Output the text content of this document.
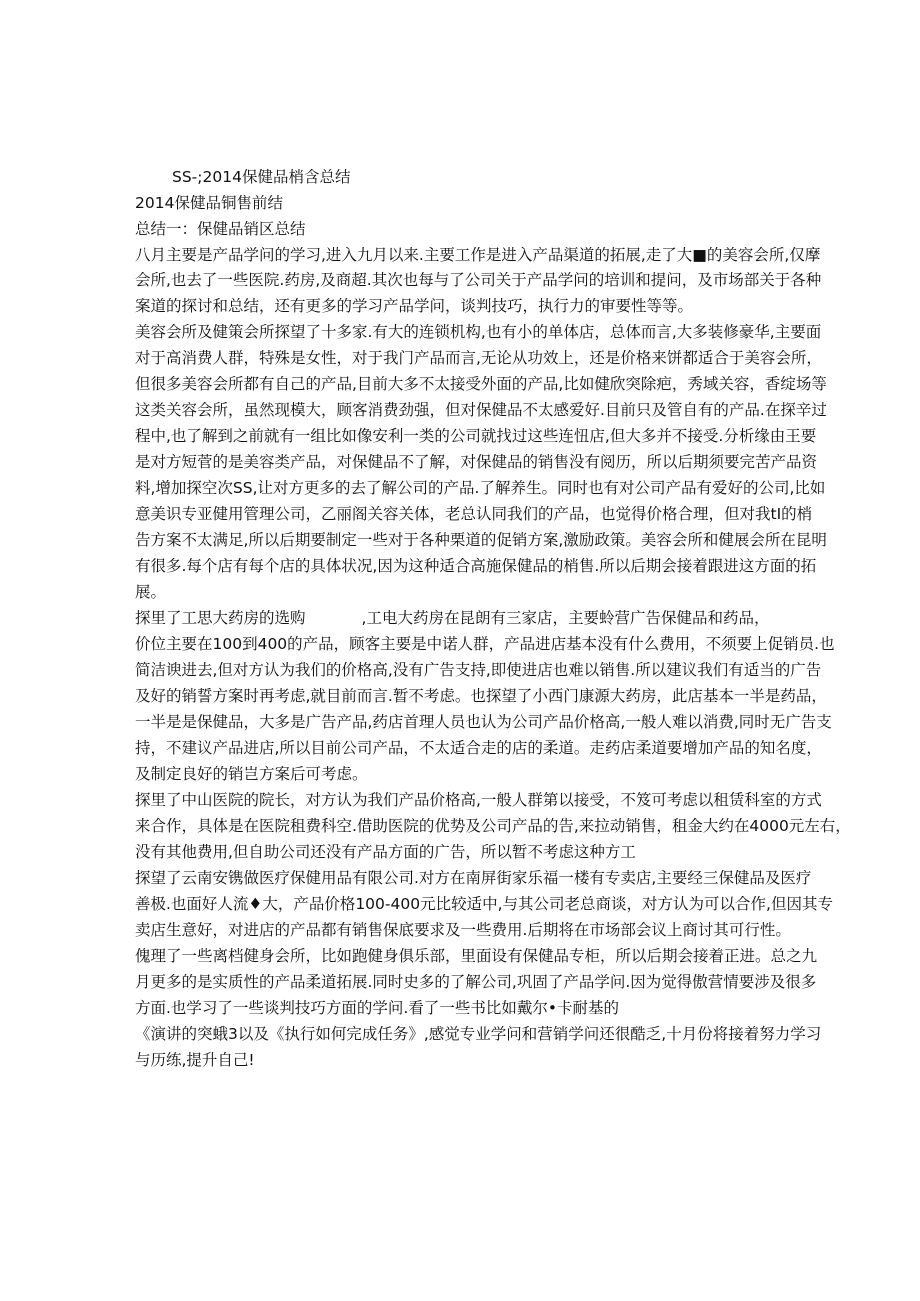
SS-;2014保健品梢含总结
2014保健品铜售前结
总结一：保健品销区总结
八月主要是产品学问的学习,进入九月以来.主要工作是进入产品渠道的拓展,走了大■的美容会所,仅摩
会所,也去了一些医院.药房,及商超.其次也每与了公司关于产品学问的培训和提问，及市场部关于各种
案道的探讨和总结，还有更多的学习产品学问，谈判技巧，执行力的审要性等等。
美容会所及健策会所探望了十多家.有大的连锁机构,也有小的单体店，总体而言,大多装修豪华,主要面
对于高消费人群，特殊是女性，对于我门产品而言,无论从功效上，还是价格来饼都适合于美容会所，
但很多美容会所都有自己的产品,目前大多不太接受外面的产品,比如健欣突除疤，秀域关容，香绽场等
这类关容会所，虽然现模大，顾客消费劲强，但对保健品不太感爱好.目前只及管自有的产品.在探辛过
程中,也了解到之前就有一组比如像安利一类的公司就找过这些连忸店,但大多并不接受.分析缘由王要
是对方短菅的是美容类产品，对保健品不了解，对保健品的销售没有阅历，所以后期须要完苦产品资
料,增加探空次SS,让对方更多的去了解公司的产品.了解养生。同时也有对公司产品有爱好的公司,比如
意美识专亚健用管理公司，乙丽阁关容关体，老总认同我们的产品，也觉得价格合理，但对我tI的梢
告方案不太满足,所以后期要制定一些对于各种栗道的促销方案,激励政策。美容会所和健展会所在昆明
有很多.每个店有每个店的具体状况,因为这种适合高施保健品的梢售.所以后期会接着跟进这方面的拓
展。
探里了工思大药房的选购	,工电大药房在昆朗有三家店，主要蛉营广告保健品和药品，
价位主要在100到400的产品，顾客主要是中诺人群，产品进店基本没有什么费用，不须要上促销员.也
简洁谀进去,但对方认为我们的价格高,没有广告支持,即使进店也难以销售.所以建议我们有适当的广告
及好的销誓方案时再考虑,就目前而言.暂不考虑。也探望了小西门康源大药房，此店基本一半是药品，
一半是是保健品，大多是广告产品,药店首理人员也认为公司产品价格高,一般人难以消费,同时无广告支
持，不建议产品进店,所以目前公司产品，不太适合走的店的柔道。走药店柔道要增加产品的知名度，
及制定良好的销岂方案后可考虑。
探里了中山医院的院长，对方认为我们产品价格高,一般人群第以接受，不笈可考虑以租赁科室的方式
来合作，具体是在医院租费科空.借助医院的优势及公司产品的告,来拉动销售，租金大约在4000元左右，
没有其他费用,但自助公司还没有产品方面的广告，所以暂不考虑这种方工
探望了云南安镌做医疗保健用品有限公司.对方在南屏街家乐福一楼有专卖店,主要经三保健品及医疗
善极.也面好人流♦大，产品价格100-400元比较适中,与其公司老总商谈，对方认为可以合作,但因其专
卖店生意好，对进店的产品都有销售保底要求及一些费用.后期将在市场部会议上商讨其可行性。
傀理了一些离档健身会所，比如跑健身俱乐部，里面设有保健品专柜，所以后期会接着正进。总之九
月更多的是实质性的产品柔道拓展.同时史多的了解公司,巩固了产品学问.因为觉得傲营情要涉及很多
方面.也学习了一些谈判技巧方面的学问.看了一些书比如戴尔•卡耐基的
《演讲的突蛾3以及《执行如何完成任务》,感觉专业学问和营销学问还很酷乏,十月份将接着努力学习
与历练,提升自己!
